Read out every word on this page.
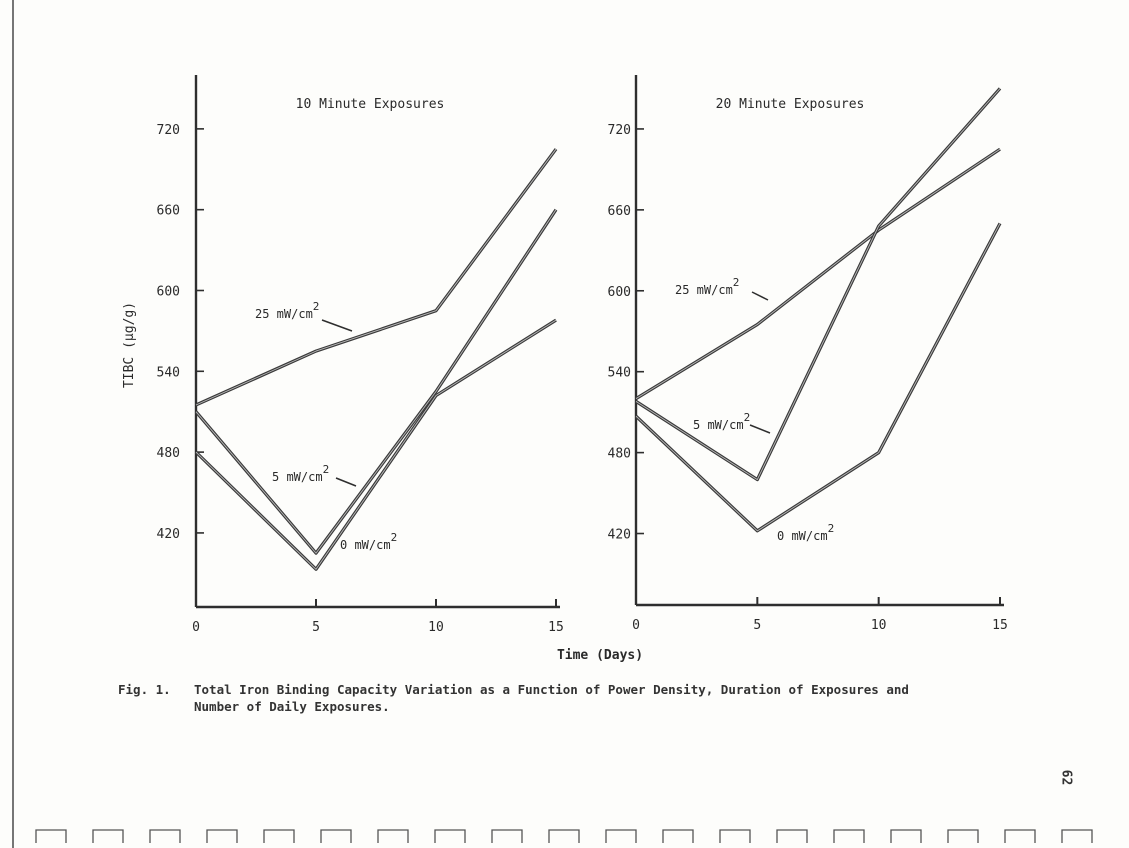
10 Minute Exposures
TIBC (µg/g)
720
660
600
540
480
420
0	5	10	15
25 mW/cm2
5 mW/cm2
0 mW/cm2
20 Minute Exposures
720
660
600
540
480
420
0	5	10	15
25 mW/cm2
5 mW/cm2
0 mW/cm2
Time (Days)
Fig. 1. Total Iron Binding Capacity Variation as a Function of Power Density, Duration of Exposures and
Number of Daily Exposures.
62
